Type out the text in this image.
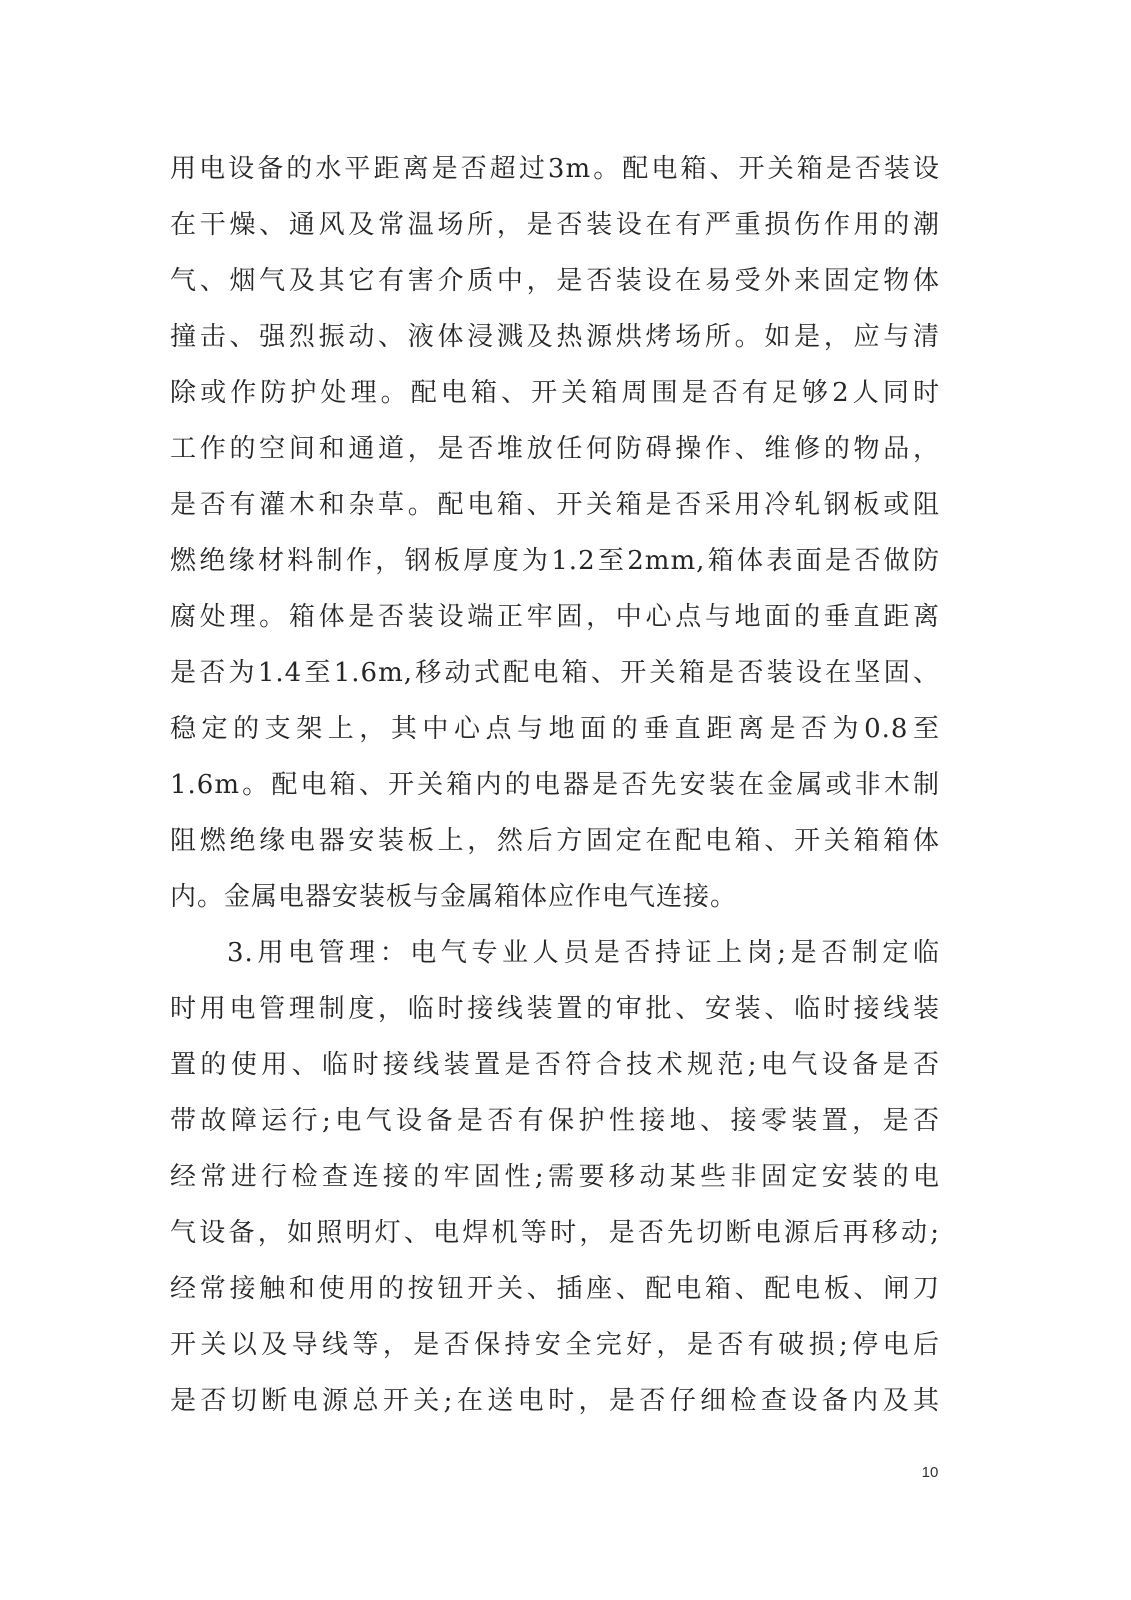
用电设备的水平距离是否超过3m。配电箱、开关箱是否装设
在干燥、通风及常温场所，是否装设在有严重损伤作用的潮
气、烟气及其它有害介质中，是否装设在易受外来固定物体
撞击、强烈振动、液体浸溅及热源烘烤场所。如是，应与清
除或作防护处理。配电箱、开关箱周围是否有足够2人同时
工作的空间和通道，是否堆放任何防碍操作、维修的物品，
是否有灌木和杂草。配电箱、开关箱是否采用冷轧钢板或阻
燃绝缘材料制作，钢板厚度为1.2至2mm,箱体表面是否做防
腐处理。箱体是否装设端正牢固，中心点与地面的垂直距离
是否为1.4至1.6m,移动式配电箱、开关箱是否装设在坚固、
稳定的支架上，其中心点与地面的垂直距离是否为0.8至
1.6m。配电箱、开关箱内的电器是否先安装在金属或非木制
阻燃绝缘电器安装板上，然后方固定在配电箱、开关箱箱体
内。金属电器安装板与金属箱体应作电气连接。
3.用电管理：电气专业人员是否持证上岗;是否制定临
时用电管理制度，临时接线装置的审批、安装、临时接线装
置的使用、临时接线装置是否符合技术规范;电气设备是否
带故障运行;电气设备是否有保护性接地、接零装置，是否
经常进行检查连接的牢固性;需要移动某些非固定安装的电
气设备，如照明灯、电焊机等时，是否先切断电源后再移动;
经常接触和使用的按钮开关、插座、配电箱、配电板、闸刀
开关以及导线等，是否保持安全完好，是否有破损;停电后
是否切断电源总开关;在送电时，是否仔细检查设备内及其
10
